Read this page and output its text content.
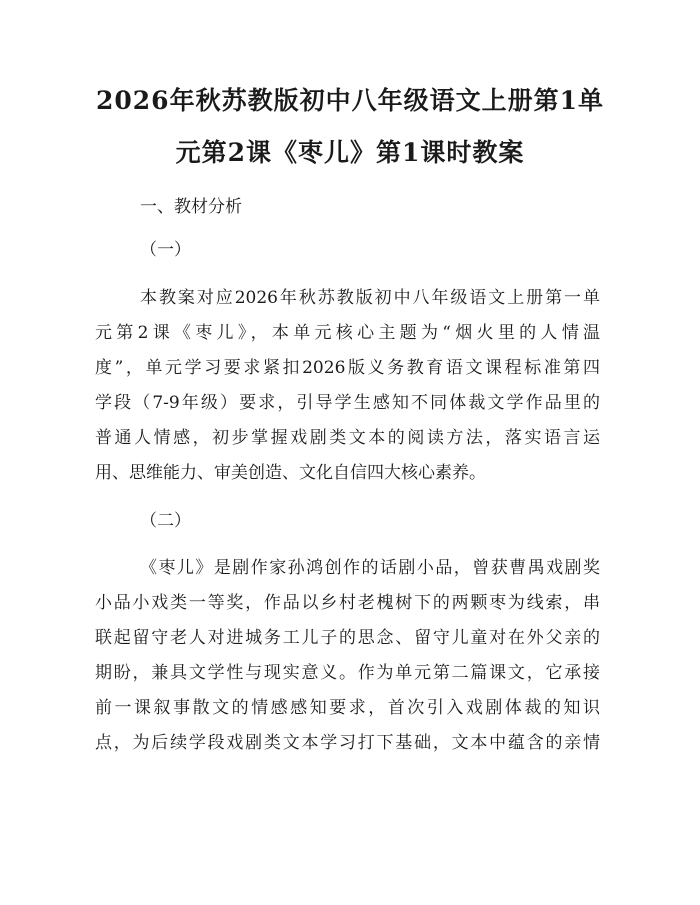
2026年秋苏教版初中八年级语文上册第1单
元第2课《枣儿》第1课时教案
一、教材分析
（一）
本教案对应2026年秋苏教版初中八年级语文上册第一单
元第2课《枣儿》，本单元核心主题为“烟火里的人情温
度”，单元学习要求紧扣2026版义务教育语文课程标准第四
学段（7-9年级）要求，引导学生感知不同体裁文学作品里的
普通人情感，初步掌握戏剧类文本的阅读方法，落实语言运
用、思维能力、审美创造、文化自信四大核心素养。
（二）
《枣儿》是剧作家孙鸿创作的话剧小品，曾获曹禺戏剧奖
小品小戏类一等奖，作品以乡村老槐树下的两颗枣为线索，串
联起留守老人对进城务工儿子的思念、留守儿童对在外父亲的
期盼，兼具文学性与现实意义。作为单元第二篇课文，它承接
前一课叙事散文的情感感知要求，首次引入戏剧体裁的知识
点，为后续学段戏剧类文本学习打下基础，文本中蕴含的亲情
